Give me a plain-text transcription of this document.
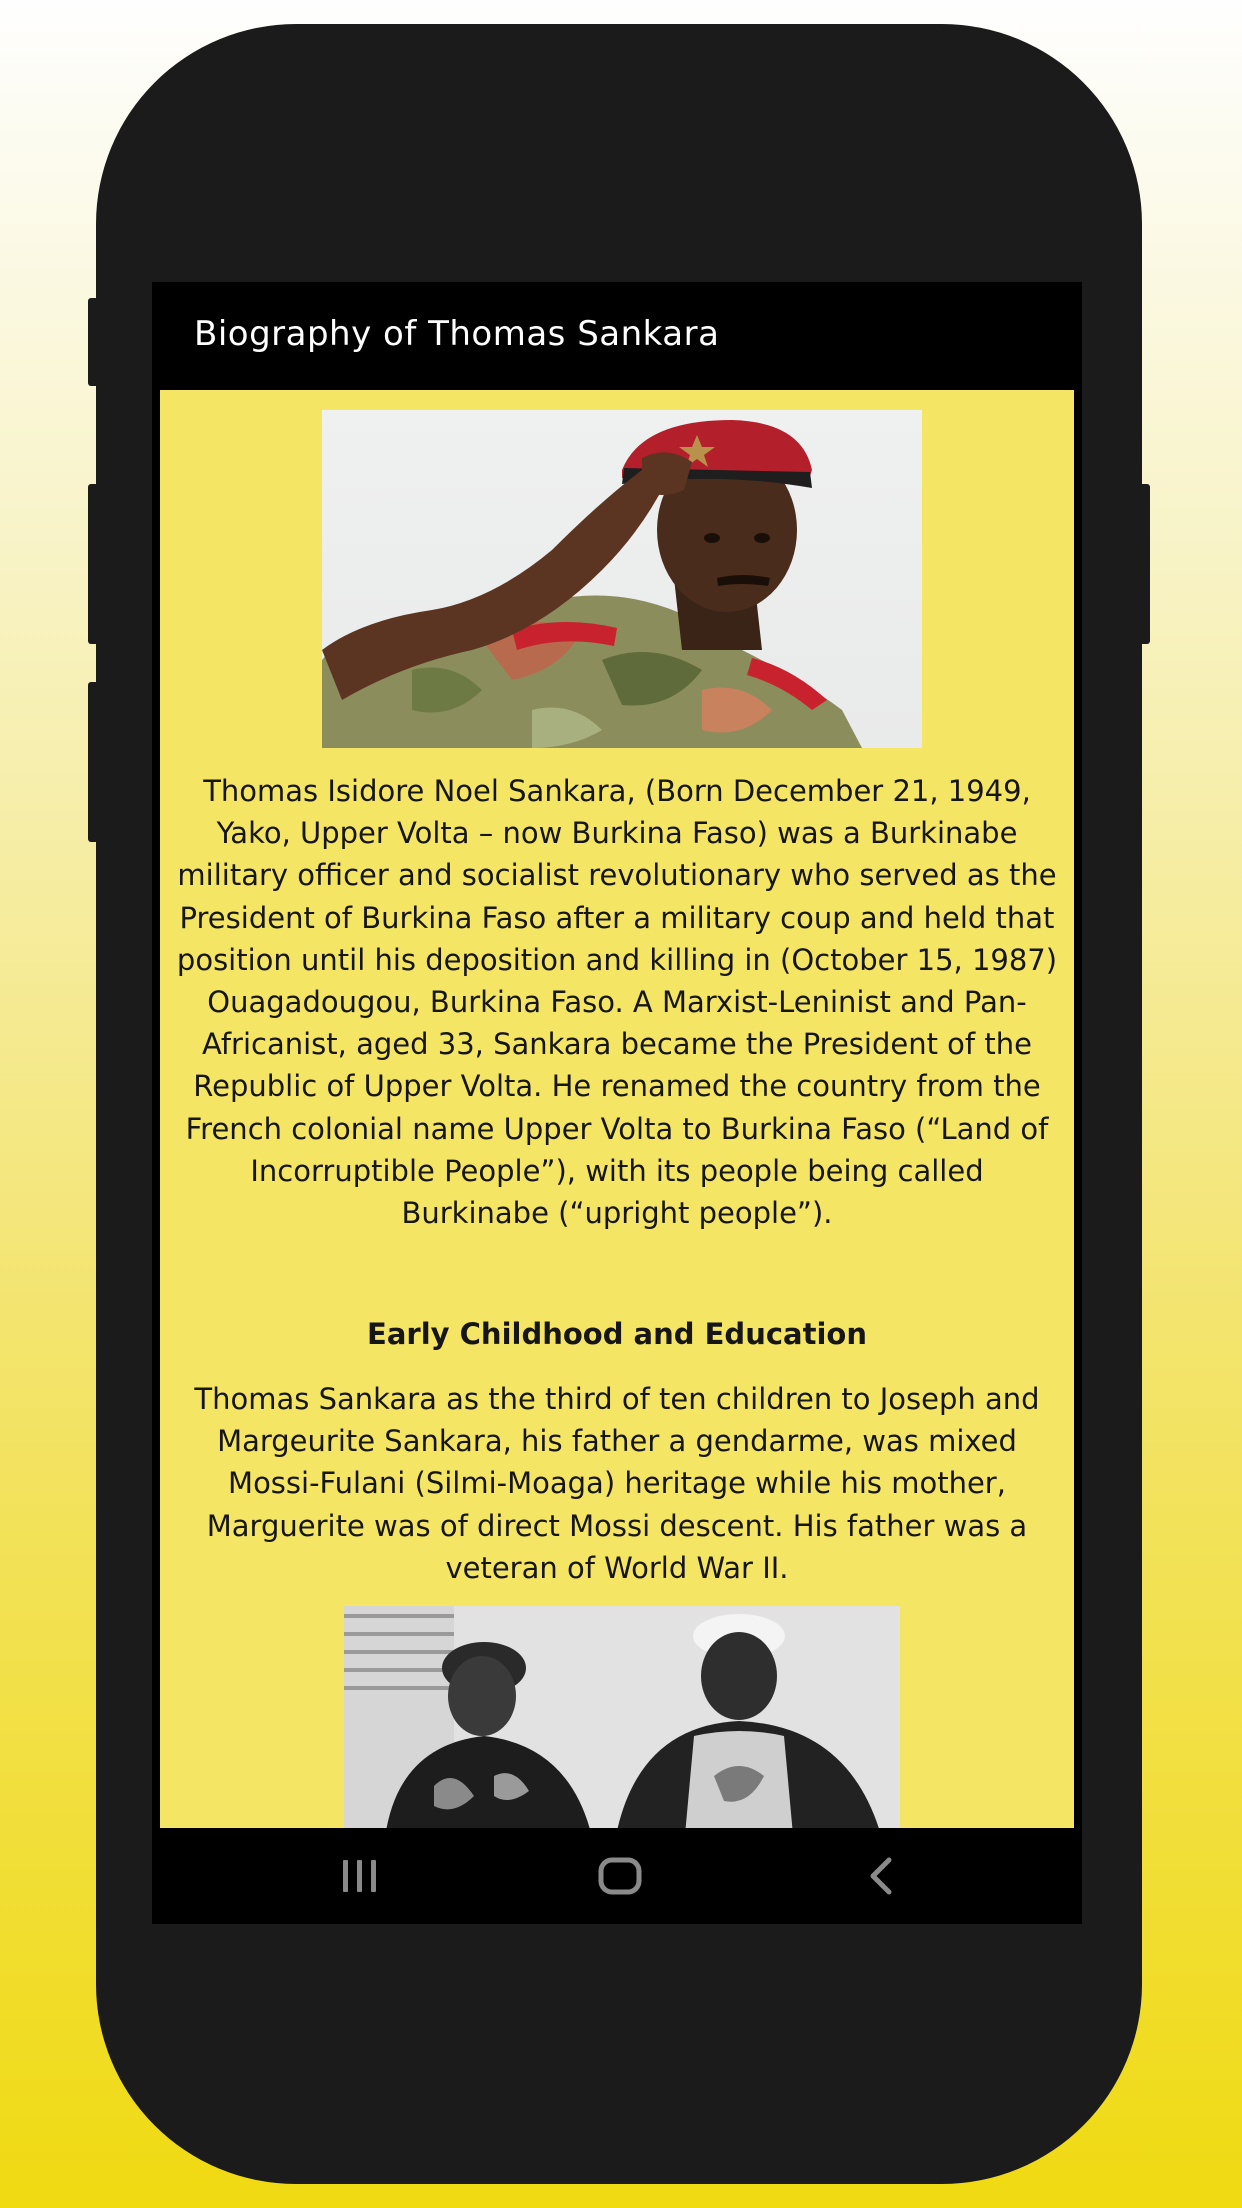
Biography of Thomas Sankara

Thomas Isidore Noel Sankara, (Born December 21, 1949, Yako, Upper Volta – now Burkina Faso) was a Burkinabe military officer and socialist revolutionary who served as the President of Burkina Faso after a military coup and held that position until his deposition and killing in (October 15, 1987) Ouagadougou, Burkina Faso. A Marxist-Leninist and Pan-Africanist, aged 33, Sankara became the President of the Republic of Upper Volta. He renamed the country from the French colonial name Upper Volta to Burkina Faso (“Land of Incorruptible People”), with its people being called Burkinabe (“upright people”).

Early Childhood and Education

Thomas Sankara as the third of ten children to Joseph and Margeurite Sankara, his father a gendarme, was mixed Mossi-Fulani (Silmi-Moaga) heritage while his mother, Marguerite was of direct Mossi descent. His father was a veteran of World War II.
